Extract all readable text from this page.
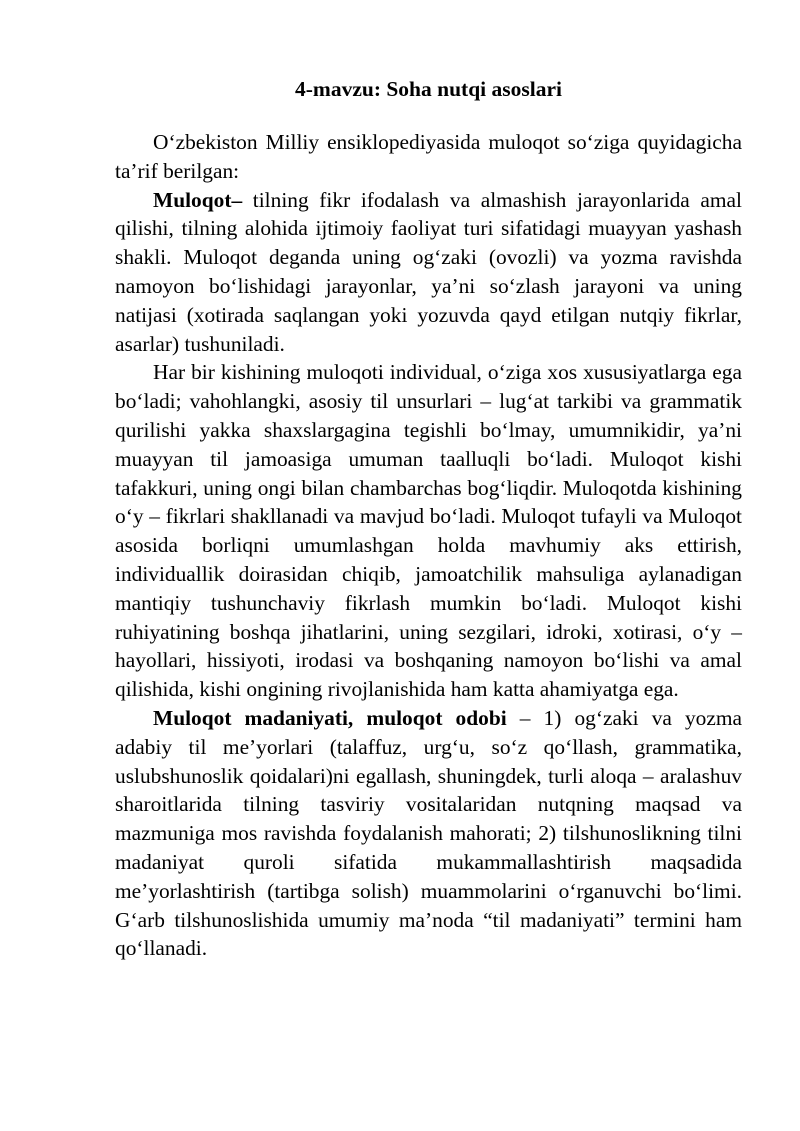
4-mavzu: Soha nutqi asoslari

O‘zbekiston Milliy ensiklopediyasida muloqot so‘ziga quyidagicha ta’rif berilgan:

Muloqot– tilning fikr ifodalash va almashish jarayonlarida amal qilishi, tilning alohida ijtimoiy faoliyat turi sifatidagi muayyan yashash shakli. Muloqot deganda uning og‘zaki (ovozli) va yozma ravishda namoyon bo‘lishidagi jarayonlar, ya’ni so‘zlash jarayoni va uning natijasi (xotirada saqlangan yoki yozuvda qayd etilgan nutqiy fikrlar, asarlar) tushuniladi.

Har bir kishining muloqoti individual, o‘ziga xos xususiyatlarga ega bo‘ladi; vahohlangki, asosiy til unsurlari – lug‘at tarkibi va grammatik qurilishi yakka shaxslargagina tegishli bo‘lmay, umumnikidir, ya’ni muayyan til jamoasiga umuman taalluqli bo‘ladi. Muloqot kishi tafakkuri, uning ongi bilan chambarchas bog‘liqdir. Muloqotda kishining o‘y – fikrlari shakllanadi va mavjud bo‘ladi. Muloqot tufayli va Muloqot asosida borliqni umumlashgan holda mavhumiy aks ettirish, individuallik doirasidan chiqib, jamoatchilik mahsuliga aylanadigan mantiqiy tushunchaviy fikrlash mumkin bo‘ladi. Muloqot kishi ruhiyatining boshqa jihatlarini, uning sezgilari, idroki, xotirasi, o‘y – hayollari, hissiyoti, irodasi va boshqaning namoyon bo‘lishi va amal qilishida, kishi ongining rivojlanishida ham katta ahamiyatga ega.

Muloqot madaniyati, muloqot odobi – 1) og‘zaki va yozma adabiy til me’yorlari (talaffuz, urg‘u, so‘z qo‘llash, grammatika, uslubshunoslik qoidalari)ni egallash, shuningdek, turli aloqa – aralashuv sharoitlarida tilning tasviriy vositalaridan nutqning maqsad va mazmuniga mos ravishda foydalanish mahorati; 2) tilshunoslikning tilni madaniyat quroli sifatida mukammallashtirish maqsadida me’yorlashtirish (tartibga solish) muammolarini o‘rganuvchi bo‘limi. G‘arb tilshunoslishida umumiy ma’noda “til madaniyati” termini ham qo‘llanadi.
